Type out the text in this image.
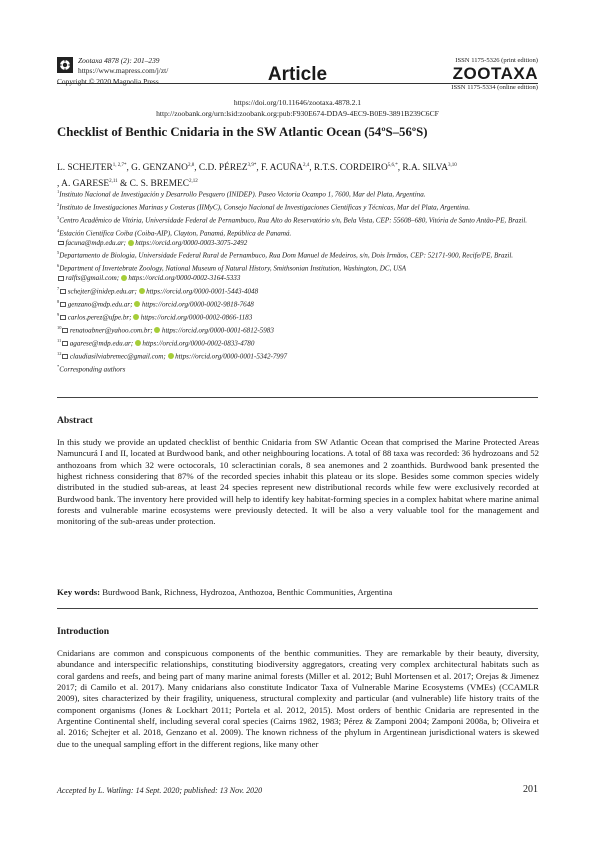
Zootaxa 4878 (2): 201–239
https://www.mapress.com/j/zt/
Copyright © 2020 Magnolia Press	Article
ISSN 1175-5326 (print edition)
ZOOTAXA
ISSN 1175-5334 (online edition)
https://doi.org/10.11646/zootaxa.4878.2.1
http://zoobank.org/urn:lsid:zoobank.org:pub:F930E674-DDA9-4EC9-B0E9-3891B239C6CF
Checklist of Benthic Cnidaria in the SW Atlantic Ocean (54ºS–56ºS)
L. $SCHEJTER^{1, 2,7*}$, G. GENZANO$^{2,8}$, C.D. $PÉREZ^{3,9*}$, F. ACUÑA$^{2,4}$, R.T.S. $CORDEIRO^{5,6,*}$, R.A. SILVA$^{3,10}$
, A. GARESE$^{2,11}$ & C. S. BREMEC$^{2,12}$

$^1$Instituto Nacional de Investigación y Desarrollo Pesquero (INIDEP). Paseo Victoria Ocampo 1, 7600, Mar del Plata, Argentina.

$^2$Instituto de Investigaciones Marinas y Costeras (IIMyC), Consejo Nacional de Investigaciones Científicas y Técnicas, Mar del Plata, Argentina.

$^3$Centro Acadêmico de Vitória, Universidade Federal de Pernambuco, Rua Alto do Reservatório s/n, Bela Vista, CEP: 55608–680, Vitória de Santo Antão-PE, Brazil.

$^4$Estación Científica Coiba (Coiba-AIP), Clayton, Panamá, República de Panamá.

facuna@mdp.edu.ar; https://orcid.org/0000-0003-3075-2492

$^5$Departamento de Biologia, Universidade Federal Rural de Pernambuco, Rua Dom Manuel de Medeiros, s/n, Dois Irmãos, CEP: 52171-900, Recife/PE, Brazil.

$^6$Department of Invertebrate Zoology, National Museum of Natural History, Smithsonian Institution, Washington, DC, USA

ralfts@gmail.com; https://orcid.org/0000-0002-3164-5333

$^7$ schejter@inidep.edu.ar; https://orcid.org/0000-0001-5443-4048

$^8$ genzano@mdp.edu.ar; https://orcid.org/0000-0002-9818-7648

$^9$ carlos.perez@ufpe.br; https://orcid.org/0000-0002-0866-1183

$^{10}$ renatoabner@yahoo.com.br; https://orcid.org/0000-0001-6812-5983

$^{11}$ agarese@mdp.edu.ar; https://orcid.org/0000-0002-0833-4780

$^{12}$ claudiasilviabremec@gmail.com; https://orcid.org/0000-0001-5342-7997

*Corresponding authors

Abstract
In this study we provide an updated checklist of benthic Cnidaria from SW Atlantic Ocean that comprised the Marine Protected Areas Namuncurá I and II, located at Burdwood bank, and other neighbouring locations. A total of 88 taxa was recorded: 36 hydrozoans and 52 anthozoans from which 32 were octocorals, 10 scleractinian corals, 8 sea anemones and 2 zoanthids. Burdwood bank presented the highest richness considering that 87% of the recorded species inhabit this plateau or its slope. Besides some common species widely distributed in the studied sub-areas, at least 24 species represent new distributional records while few were exclusively recorded at Burdwood bank. The inventory here provided will help to identify key habitat-forming species in a complex habitat where marine animal forests and vulnerable marine ecosystems were previously detected. It will be also a very valuable tool for the management and monitoring of the sub-areas under protection.
Key words: Burdwood Bank, Richness, Hydrozoa, Anthozoa, Benthic Communities, Argentina
Introduction
Cnidarians are common and conspicuous components of the benthic communities. They are remarkable by their beauty, diversity, abundance and interspecific relationships, constituting biodiversity aggregators, creating very complex architectural habitats such as coral gardens and reefs, and being part of many marine animal forests (Miller et al. 2012; Buhl Mortensen et al. 2017; Orejas & Jimenez 2017; di Camilo et al. 2017). Many cnidarians also constitute Indicator Taxa of Vulnerable Marine Ecosystems (VMEs) (CCAMLR 2009), sites characterized by their fragility, uniqueness, structural complexity and particular (and vulnerable) life history traits of the component organisms (Jones & Lockhart 2011; Portela et al. 2012, 2015). Most orders of benthic Cnidaria are represented in the Argentine Continental shelf, including several coral species (Cairns 1982, 1983; Pérez & Zamponi 2004; Zamponi 2008a, b; Oliveira et al. 2016; Schejter et al. 2018, Genzano et al. 2009). The known richness of the phylum in Argentinean jurisdictional waters is skewed due to the unequal sampling effort in the different regions, like many other
Accepted by L. Watling: 14 Sept. 2020; published: 13 Nov. 2020	201
